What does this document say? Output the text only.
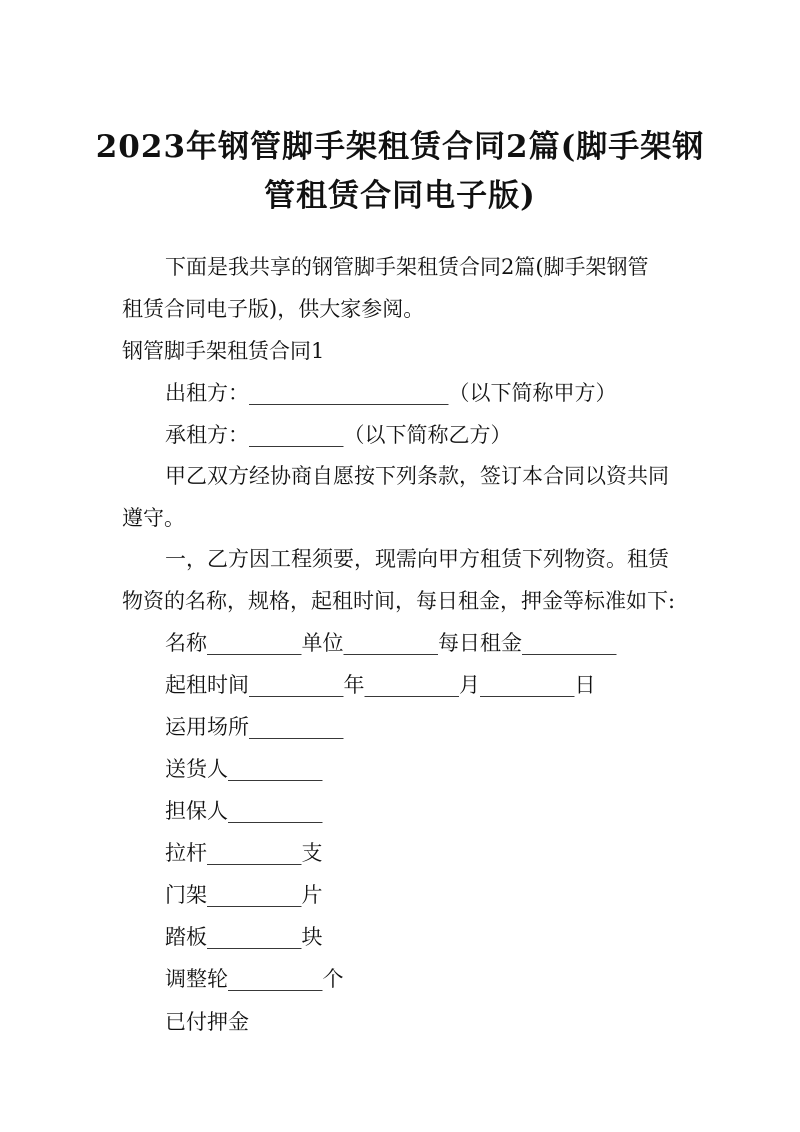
2023年钢管脚手架租赁合同2篇(脚手架钢
管租赁合同电子版)
下面是我共享的钢管脚手架租赁合同2篇(脚手架钢管
租赁合同电子版)，供大家参阅。
钢管脚手架租赁合同1
出租方：___________________（以下简称甲方）
承租方：_________（以下简称乙方）
甲乙双方经协商自愿按下列条款，签订本合同以资共同
遵守。
一，乙方因工程须要，现需向甲方租赁下列物资。租赁
物资的名称，规格，起租时间，每日租金，押金等标准如下:
名称_________单位_________每日租金_________
起租时间_________年_________月_________日
运用场所_________
送货人_________
担保人_________
拉杆_________支
门架_________片
踏板_________块
调整轮_________个
已付押金
